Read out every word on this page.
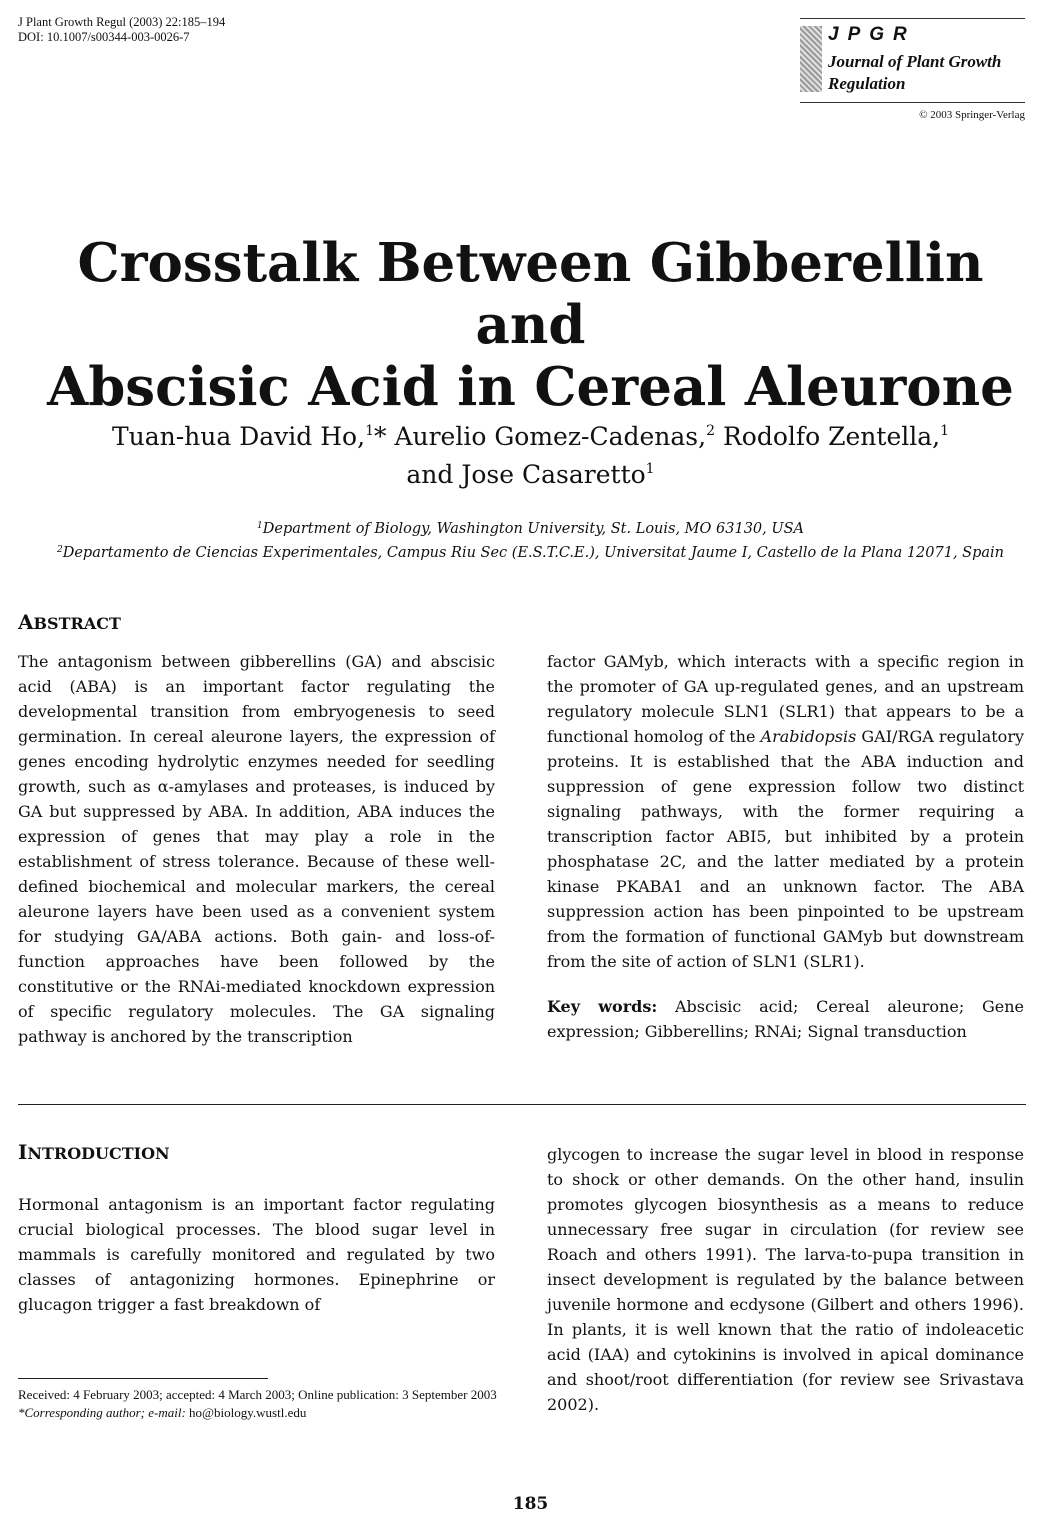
J Plant Growth Regul (2003) 22:185–194
DOI: 10.1007/s00344-003-0026-7	JPGR
Journal of Plant Growth
Regulation
© 2003 Springer-Verlag
Crosstalk Between Gibberellin and
Abscisic Acid in Cereal Aleurone
Tuan-hua David Ho,$^1$* Aurelio Gomez-Cadenas,$^2$ Rodolfo Zentella,$^1$
and Jose Casaretto$^1$
$^1$Department of Biology, Washington University, St. Louis, MO 63130, USA
$^2$Departamento de Ciencias Experimentales, Campus Riu Sec (E.S.T.C.E.), Universitat Jaume I, Castello de la Plana 12071, Spain
ABSTRACT

The antagonism between gibberellins (GA) and abscisic acid (ABA) is an important factor regulating the developmental transition from embryogenesis to seed germination. In cereal aleurone layers, the expression of genes encoding hydrolytic enzymes needed for seedling growth, such as α-amylases and proteases, is induced by GA but suppressed by ABA. In addition, ABA induces the expression of genes that may play a role in the establishment of stress tolerance. Because of these well-defined biochemical and molecular markers, the cereal aleurone layers have been used as a convenient system for studying GA/ABA actions. Both gain- and loss-of-function approaches have been followed by the constitutive or the RNAi-mediated knockdown expression of specific regulatory molecules. The GA signaling pathway is anchored by the transcription

factor GAMyb, which interacts with a specific region in the promoter of GA up-regulated genes, and an upstream regulatory molecule SLN1 (SLR1) that appears to be a functional homolog of the Arabidopsis GAI/RGA regulatory proteins. It is established that the ABA induction and suppression of gene expression follow two distinct signaling pathways, with the former requiring a transcription factor ABI5, but inhibited by a protein phosphatase 2C, and the latter mediated by a protein kinase PKABA1 and an unknown factor. The ABA suppression action has been pinpointed to be upstream from the formation of functional GAMyb but downstream from the site of action of SLN1 (SLR1).

Key words: Abscisic acid; Cereal aleurone; Gene expression; Gibberellins; RNAi; Signal transduction

INTRODUCTION

Hormonal antagonism is an important factor regulating crucial biological processes. The blood sugar level in mammals is carefully monitored and regulated by two classes of antagonizing hormones. Epinephrine or glucagon trigger a fast breakdown of

glycogen to increase the sugar level in blood in response to shock or other demands. On the other hand, insulin promotes glycogen biosynthesis as a means to reduce unnecessary free sugar in circulation (for review see Roach and others 1991). The larva-to-pupa transition in insect development is regulated by the balance between juvenile hormone and ecdysone (Gilbert and others 1996). In plants, it is well known that the ratio of indoleacetic acid (IAA) and cytokinins is involved in apical dominance and shoot/root differentiation (for review see Srivastava 2002).

Received: 4 February 2003; accepted: 4 March 2003; Online publication: 3 September 2003
*Corresponding author; e-mail: ho@biology.wustl.edu
185
